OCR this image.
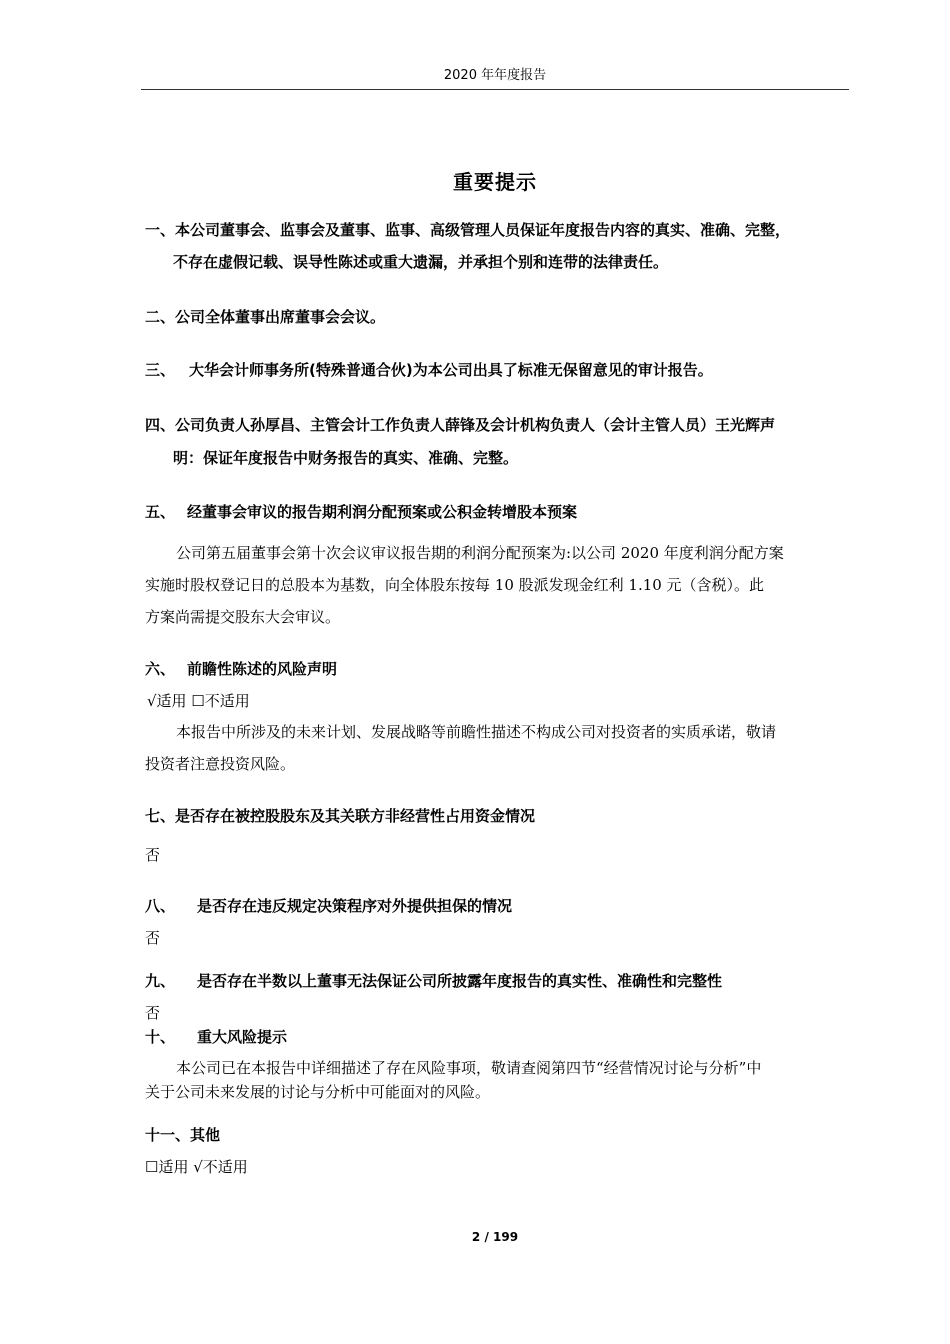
2020 年年度报告
重要提示
一、本公司董事会、监事会及董事、监事、高级管理人员保证年度报告内容的真实、准确、完整，
不存在虚假记载、误导性陈述或重大遗漏，并承担个别和连带的法律责任。
二、公司全体董事出席董事会会议。
三、 大华会计师事务所(特殊普通合伙)为本公司出具了标准无保留意见的审计报告。
四、公司负责人孙厚昌、主管会计工作负责人薛锋及会计机构负责人（会计主管人员）王光辉声
明：保证年度报告中财务报告的真实、准确、完整。
五、 经董事会审议的报告期利润分配预案或公积金转增股本预案
公司第五届董事会第十次会议审议报告期的利润分配预案为:以公司 2020 年度利润分配方案
实施时股权登记日的总股本为基数，向全体股东按每 10 股派发现金红利 1.10 元（含税）。此
方案尚需提交股东大会审议。
六、 前瞻性陈述的风险声明
√适用 ☐不适用
本报告中所涉及的未来计划、发展战略等前瞻性描述不构成公司对投资者的实质承诺，敬请
投资者注意投资风险。
七、是否存在被控股股东及其关联方非经营性占用资金情况
否
八、 是否存在违反规定决策程序对外提供担保的情况
否
九、 是否存在半数以上董事无法保证公司所披露年度报告的真实性、准确性和完整性
否
十、 重大风险提示
本公司已在本报告中详细描述了存在风险事项，敬请查阅第四节“经营情况讨论与分析”中
关于公司未来发展的讨论与分析中可能面对的风险。
十一、其他
☐适用 √不适用
2 / 199
